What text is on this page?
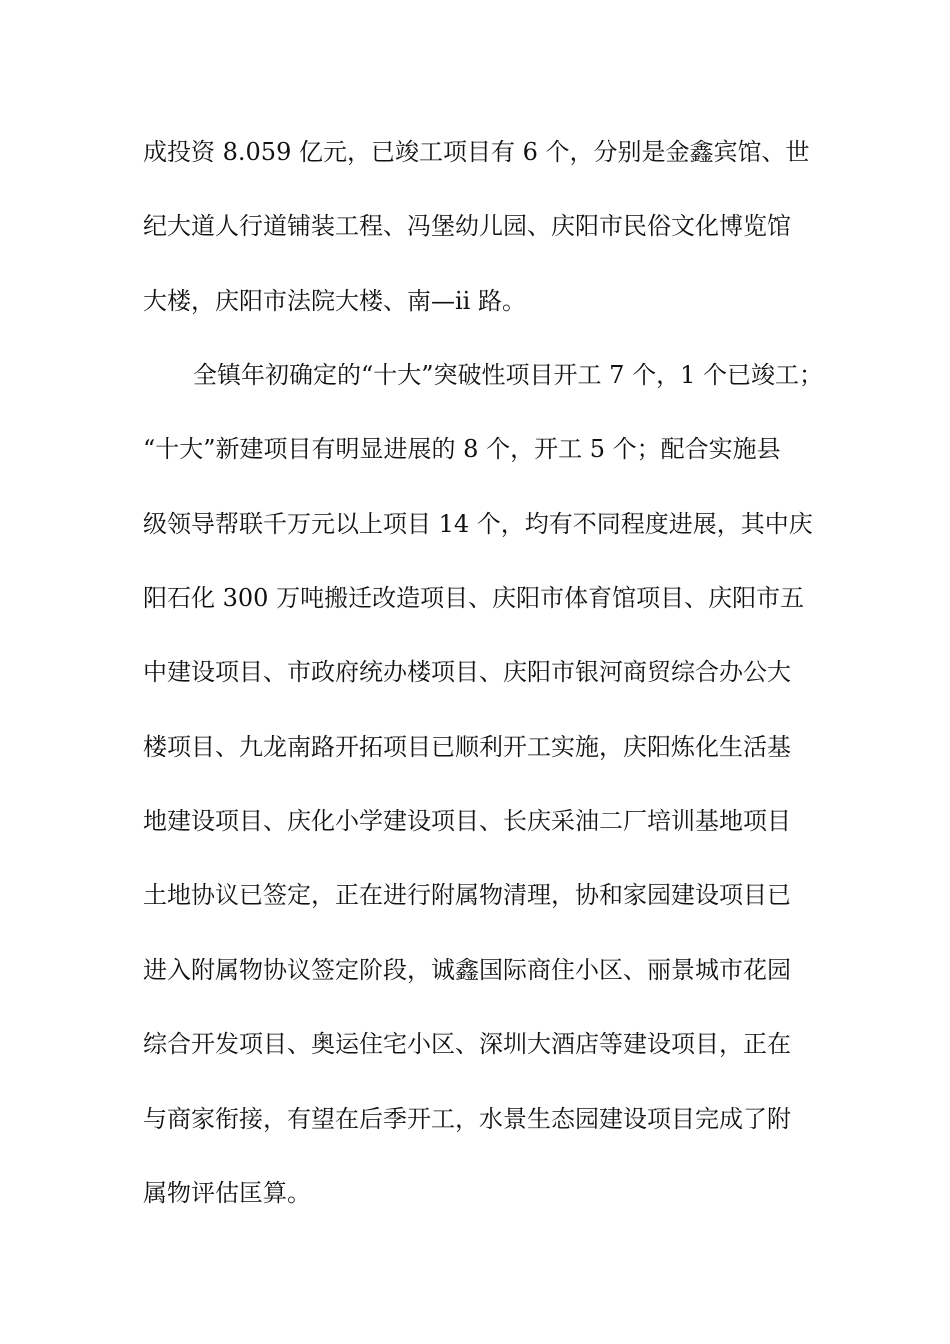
成投资 8.059 亿元，已竣工项目有 6 个，分别是金鑫宾馆、世
纪大道人行道铺装工程、冯堡幼儿园、庆阳市民俗文化博览馆
大楼，庆阳市法院大楼、南—ii 路。
全镇年初确定的“十大”突破性项目开工 7 个，1 个已竣工；
“十大”新建项目有明显进展的 8 个，开工 5 个；配合实施县
级领导帮联千万元以上项目 14 个，均有不同程度进展，其中庆
阳石化 300 万吨搬迁改造项目、庆阳市体育馆项目、庆阳市五
中建设项目、市政府统办楼项目、庆阳市银河商贸综合办公大
楼项目、九龙南路开拓项目已顺利开工实施，庆阳炼化生活基
地建设项目、庆化小学建设项目、长庆采油二厂培训基地项目
土地协议已签定，正在进行附属物清理，协和家园建设项目已
进入附属物协议签定阶段，诚鑫国际商住小区、丽景城市花园
综合开发项目、奥运住宅小区、深圳大酒店等建设项目，正在
与商家衔接，有望在后季开工，水景生态园建设项目完成了附
属物评估匡算。
